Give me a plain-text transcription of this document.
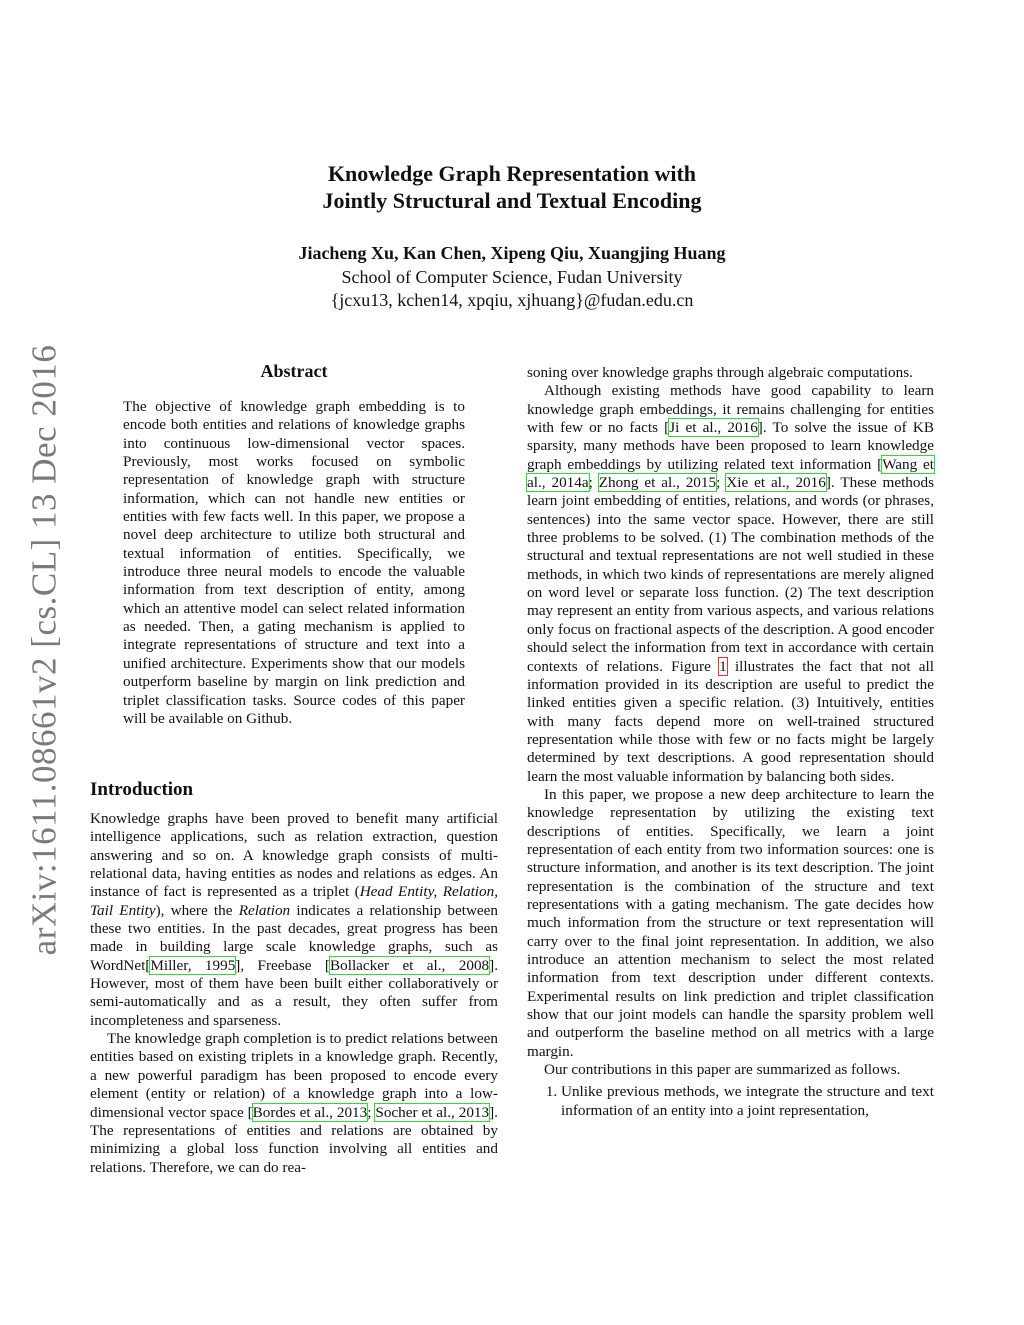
arXiv:1611.08661v2 [cs.CL] 13 Dec 2016
Knowledge Graph Representation with
Jointly Structural and Textual Encoding
Jiacheng Xu, Kan Chen, Xipeng Qiu, Xuangjing Huang
School of Computer Science, Fudan University
{jcxu13, kchen14, xpqiu, xjhuang}@fudan.edu.cn
Abstract

The objective of knowledge graph embedding is to encode both entities and relations of knowledge graphs into continuous low-dimensional vector spaces. Previously, most works focused on symbolic representation of knowledge graph with structure information, which can not handle new entities or entities with few facts well. In this paper, we propose a novel deep architecture to utilize both structural and textual information of entities. Specifically, we introduce three neural models to encode the valuable information from text description of entity, among which an attentive model can select related information as needed. Then, a gating mechanism is applied to integrate representations of structure and text into a unified architecture. Experiments show that our models outperform baseline by margin on link prediction and triplet classification tasks. Source codes of this paper will be available on Github.

Introduction

Knowledge graphs have been proved to benefit many artificial intelligence applications, such as relation extraction, question answering and so on. A knowledge graph consists of multi-relational data, having entities as nodes and relations as edges. An instance of fact is represented as a triplet (Head Entity, Relation, Tail Entity), where the Relation indicates a relationship between these two entities. In the past decades, great progress has been made in building large scale knowledge graphs, such as WordNet[Miller, 1995], Freebase [Bollacker et al., 2008]. However, most of them have been built either collaboratively or semi-automatically and as a result, they often suffer from incompleteness and sparseness.

The knowledge graph completion is to predict relations between entities based on existing triplets in a knowledge graph. Recently, a new powerful paradigm has been proposed to encode every element (entity or relation) of a knowledge graph into a low-dimensional vector space [Bordes et al., 2013; Socher et al., 2013]. The representations of entities and relations are obtained by minimizing a global loss function involving all entities and relations. Therefore, we can do rea-

soning over knowledge graphs through algebraic computations.

Although existing methods have good capability to learn knowledge graph embeddings, it remains challenging for entities with few or no facts [Ji et al., 2016]. To solve the issue of KB sparsity, many methods have been proposed to learn knowledge graph embeddings by utilizing related text information [Wang et al., 2014a; Zhong et al., 2015; Xie et al., 2016]. These methods learn joint embedding of entities, relations, and words (or phrases, sentences) into the same vector space. However, there are still three problems to be solved. (1) The combination methods of the structural and textual representations are not well studied in these methods, in which two kinds of representations are merely aligned on word level or separate loss function. (2) The text description may represent an entity from various aspects, and various relations only focus on fractional aspects of the description. A good encoder should select the information from text in accordance with certain contexts of relations. Figure 1 illustrates the fact that not all information provided in its description are useful to predict the linked entities given a specific relation. (3) Intuitively, entities with many facts depend more on well-trained structured representation while those with few or no facts might be largely determined by text descriptions. A good representation should learn the most valuable information by balancing both sides.

In this paper, we propose a new deep architecture to learn the knowledge representation by utilizing the existing text descriptions of entities. Specifically, we learn a joint representation of each entity from two information sources: one is structure information, and another is its text description. The joint representation is the combination of the structure and text representations with a gating mechanism. The gate decides how much information from the structure or text representation will carry over to the final joint representation. In addition, we also introduce an attention mechanism to select the most related information from text description under different contexts. Experimental results on link prediction and triplet classification show that our joint models can handle the sparsity problem well and outperform the baseline method on all metrics with a large margin.

Our contributions in this paper are summarized as follows.

1. Unlike previous methods, we integrate the structure and text information of an entity into a joint representation,
